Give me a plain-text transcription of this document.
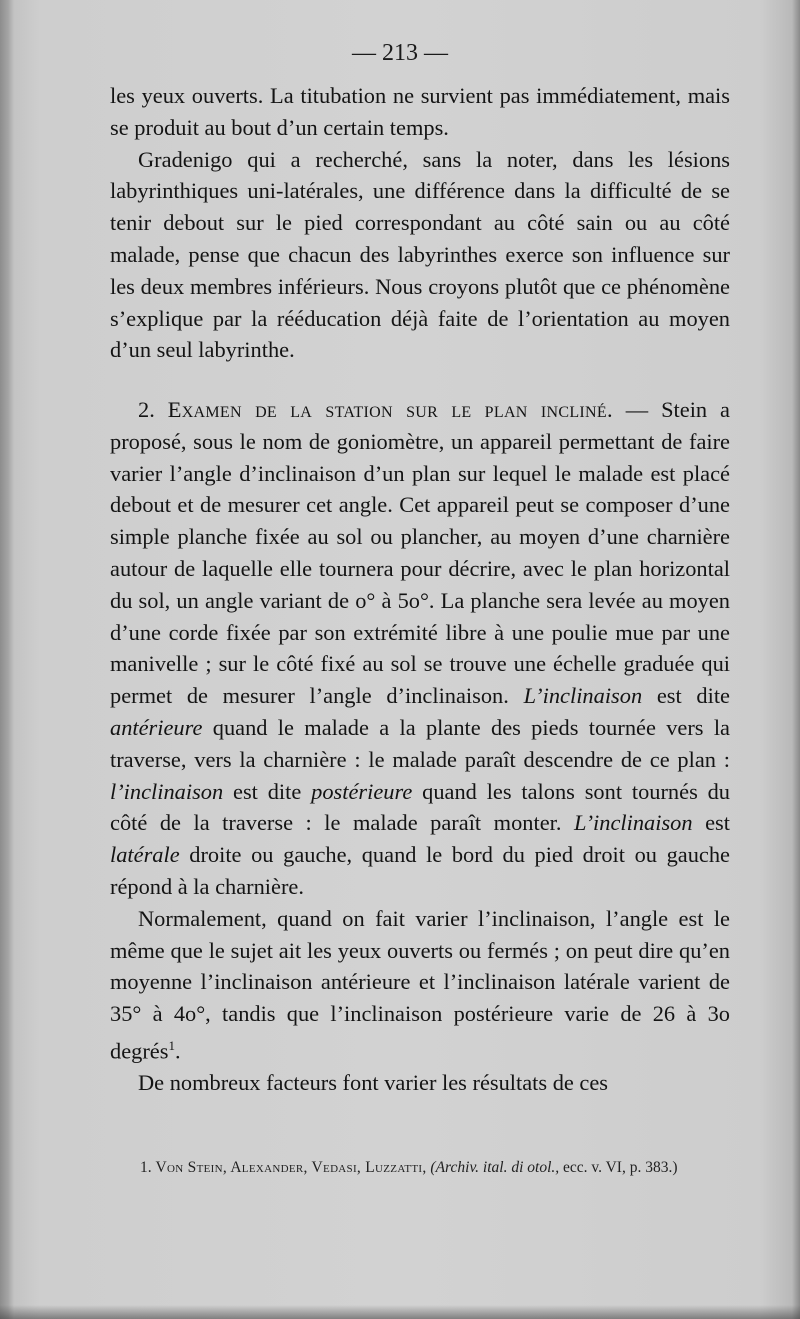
— 213 —

les yeux ouverts. La titubation ne survient pas immédiatement, mais se produit au bout d’un certain temps.

Gradenigo qui a recherché, sans la noter, dans les lésions labyrinthiques uni-latérales, une différence dans la difficulté de se tenir debout sur le pied correspondant au côté sain ou au côté malade, pense que chacun des labyrinthes exerce son influence sur les deux membres inférieurs. Nous croyons plutôt que ce phénomène s’explique par la rééducation déjà faite de l’orientation au moyen d’un seul labyrinthe.

2. Examen de la station sur le plan incliné. — Stein a proposé, sous le nom de goniomètre, un appareil permettant de faire varier l’angle d’inclinaison d’un plan sur lequel le malade est placé debout et de mesurer cet angle. Cet appareil peut se composer d’une simple planche fixée au sol ou plancher, au moyen d’une charnière autour de laquelle elle tournera pour décrire, avec le plan horizontal du sol, un angle variant de o° à 5o°. La planche sera levée au moyen d’une corde fixée par son extrémité libre à une poulie mue par une manivelle ; sur le côté fixé au sol se trouve une échelle graduée qui permet de mesurer l’angle d’inclinaison. L’inclinaison est dite antérieure quand le malade a la plante des pieds tournée vers la traverse, vers la charnière : le malade paraît descendre de ce plan : l’inclinaison est dite postérieure quand les talons sont tournés du côté de la traverse : le malade paraît monter. L’inclinaison est latérale droite ou gauche, quand le bord du pied droit ou gauche répond à la charnière.

Normalement, quand on fait varier l’inclinaison, l’angle est le même que le sujet ait les yeux ouverts ou fermés ; on peut dire qu’en moyenne l’inclinaison antérieure et l’inclinaison latérale varient de 35° à 4o°, tandis que l’inclinaison postérieure varie de 26 à 3o degrés$^1$.

De nombreux facteurs font varier les résultats de ces

1. Von Stein, Alexander, Vedasi, Luzzatti, (Archiv. ital. di otol., ecc. v. VI, p. 383.)
